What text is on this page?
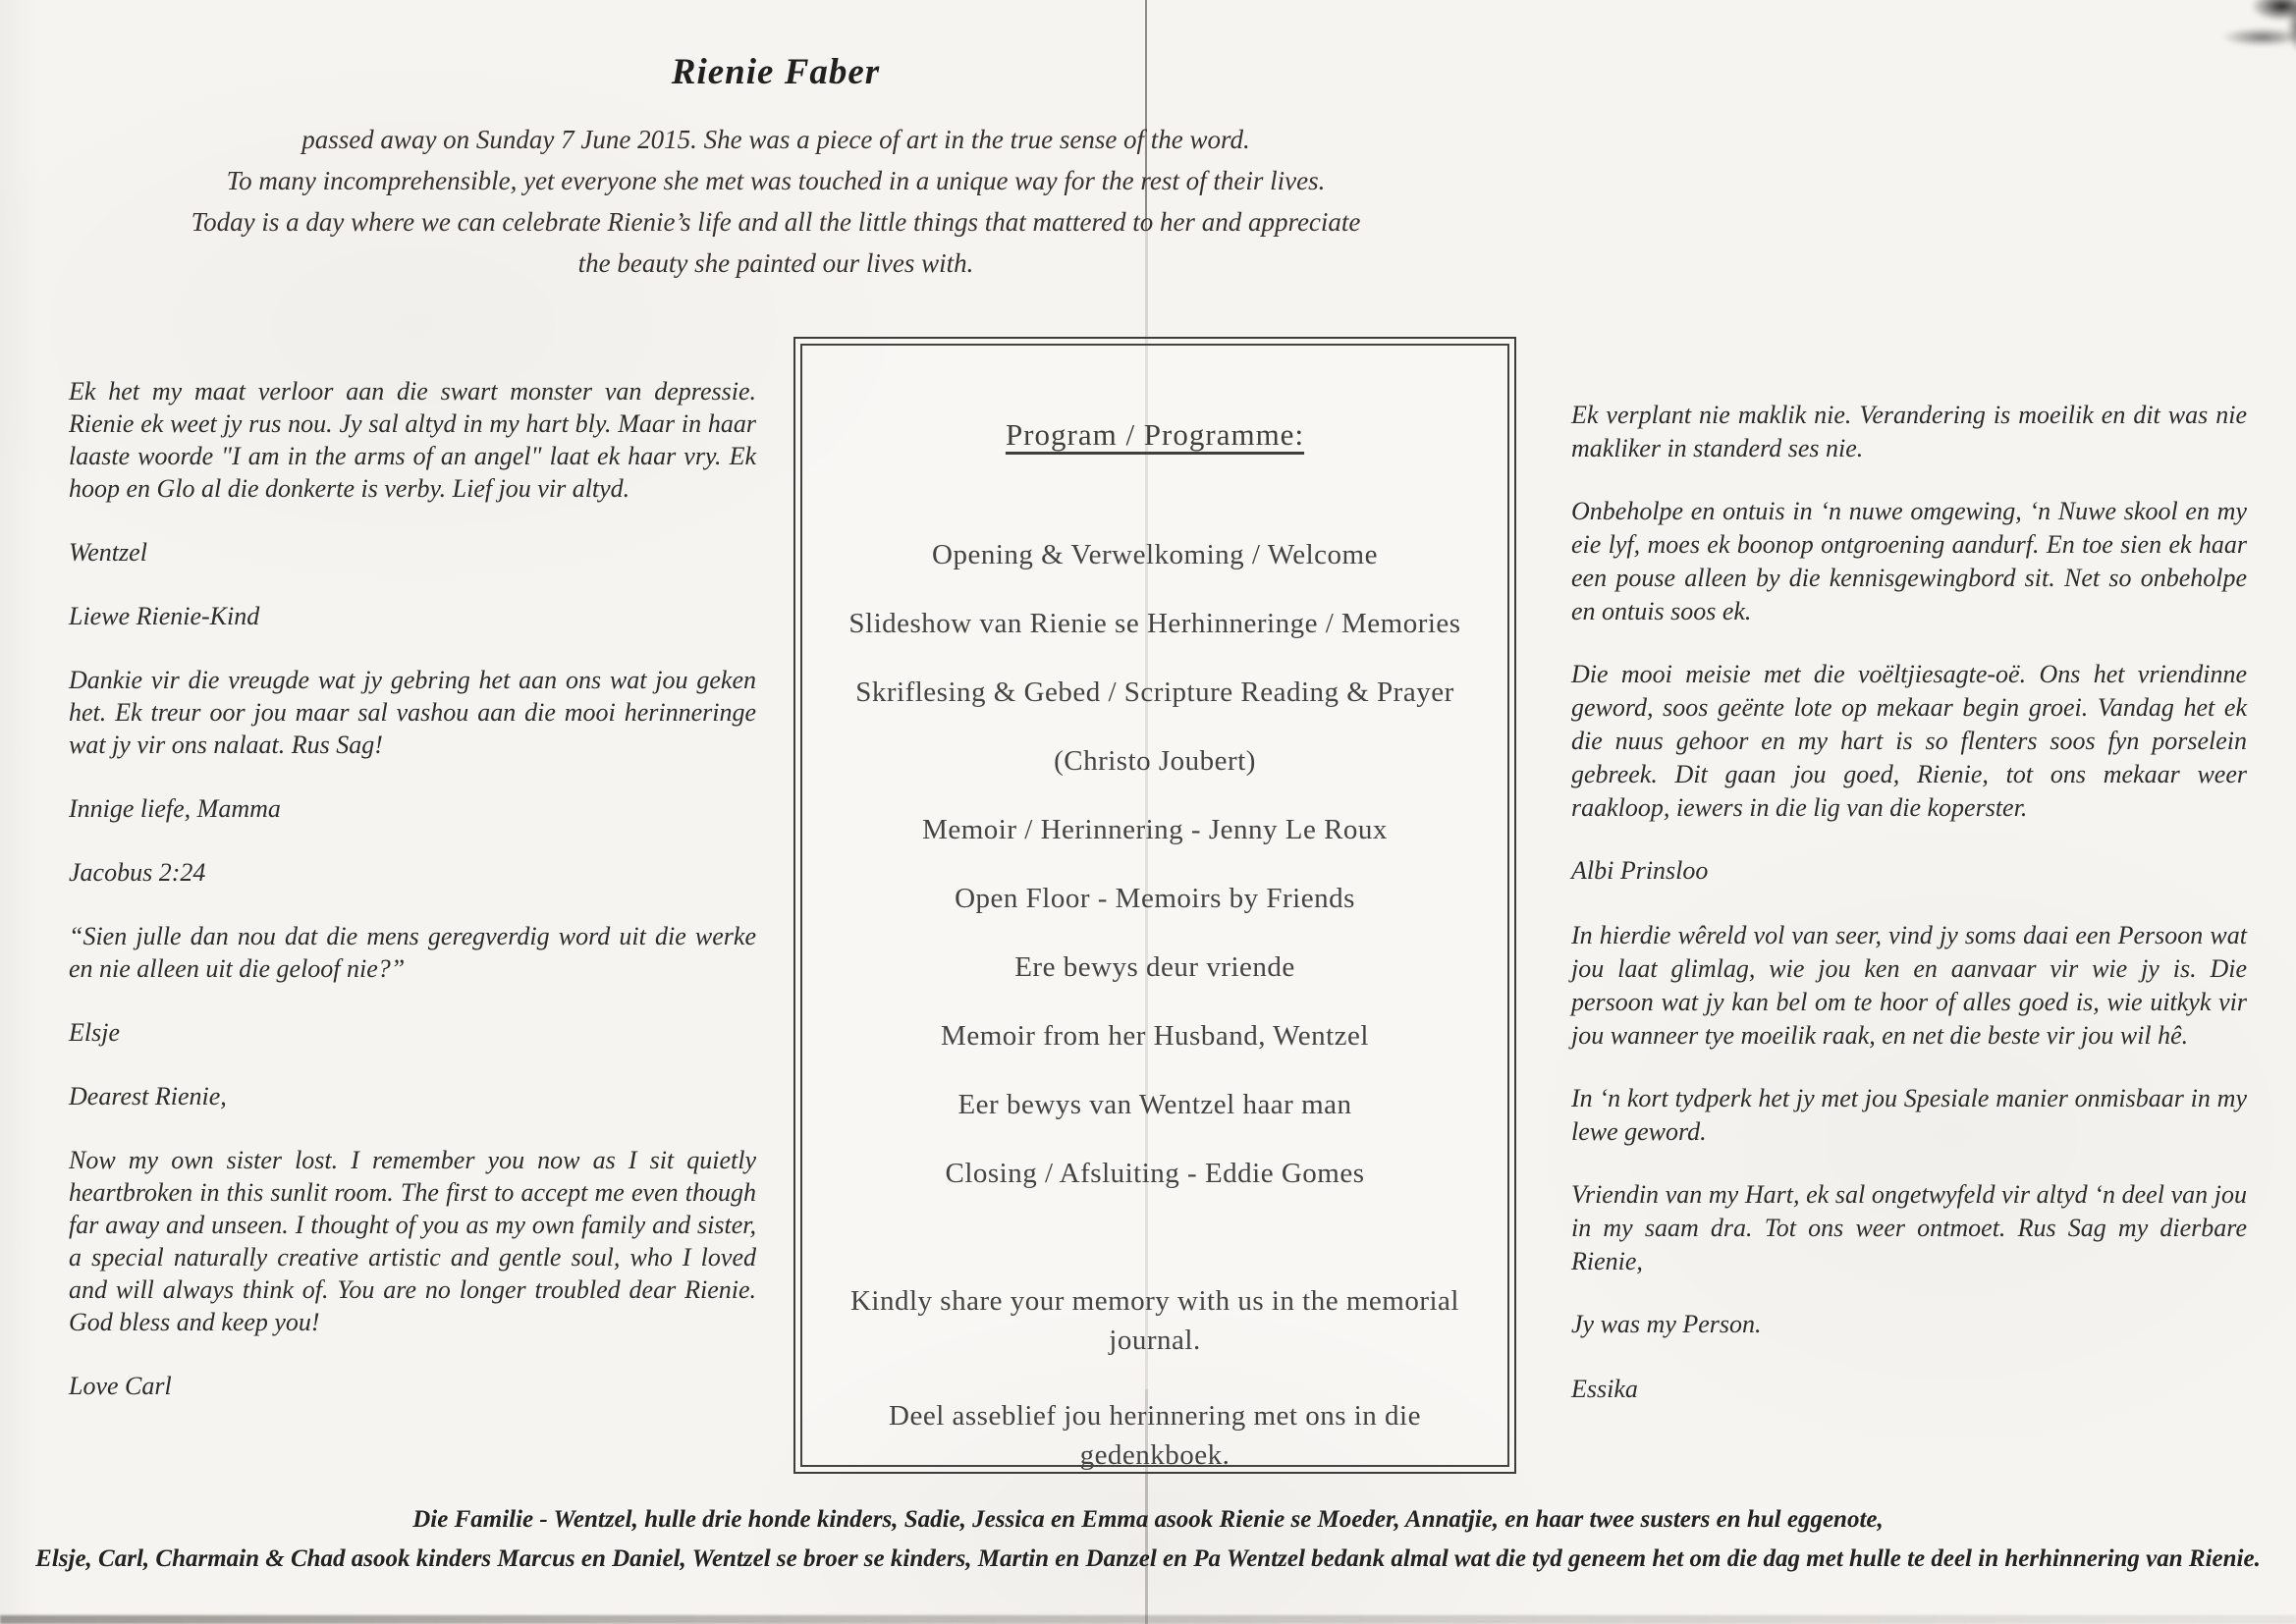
Rienie Faber
passed away on Sunday 7 June 2015. She was a piece of art in the true sense of the word.
To many incomprehensible, yet everyone she met was touched in a unique way for the rest of their lives.
Today is a day where we can celebrate Rienie’s life and all the little things that mattered to her and appreciate
the beauty she painted our lives with.

Ek het my maat verloor aan die swart monster van depressie. Rienie ek weet jy rus nou. Jy sal altyd in my hart bly. Maar in haar laaste woorde "I am in the arms of an angel" laat ek haar vry. Ek hoop en Glo al die donkerte is verby. Lief jou vir altyd.

Wentzel

Liewe Rienie-Kind

Dankie vir die vreugde wat jy gebring het aan ons wat jou geken het. Ek treur oor jou maar sal vashou aan die mooi herinneringe wat jy vir ons nalaat. Rus Sag!

Innige liefe, Mamma

Jacobus 2:24

“Sien julle dan nou dat die mens geregverdig word uit die werke en nie alleen uit die geloof nie?”

Elsje

Dearest Rienie,

Now my own sister lost. I remember you now as I sit quietly heartbroken in this sunlit room. The first to accept me even though far away and unseen. I thought of you as my own family and sister, a special naturally creative artistic and gentle soul, who I loved and will always think of. You are no longer troubled dear Rienie. God bless and keep you!

Love Carl

Program / Programme:
Opening & Verwelkoming / Welcome
Slideshow van Rienie se Herhinneringe / Memories
Skriflesing & Gebed / Scripture Reading & Prayer
(Christo Joubert)
Memoir / Herinnering - Jenny Le Roux
Open Floor - Memoirs by Friends
Ere bewys deur vriende
Memoir from her Husband, Wentzel
Eer bewys van Wentzel haar man
Closing / Afsluiting - Eddie Gomes
Kindly share your memory with us in the memorial journal.
Deel asseblief jou herinnering met ons in die gedenkboek.

Ek verplant nie maklik nie. Verandering is moeilik en dit was nie makliker in standerd ses nie.

Onbeholpe en ontuis in ‘n nuwe omgewing, ‘n Nuwe skool en my eie lyf, moes ek boonop ontgroening aandurf. En toe sien ek haar een pouse alleen by die kennisgewingbord sit. Net so onbeholpe en ontuis soos ek.

Die mooi meisie met die voëltjiesagte-oë. Ons het vriendinne geword, soos geënte lote op mekaar begin groei. Vandag het ek die nuus gehoor en my hart is so flenters soos fyn porselein gebreek. Dit gaan jou goed, Rienie, tot ons mekaar weer raakloop, iewers in die lig van die koperster.

Albi Prinsloo

In hierdie wêreld vol van seer, vind jy soms daai een Persoon wat jou laat glimlag, wie jou ken en aanvaar vir wie jy is. Die persoon wat jy kan bel om te hoor of alles goed is, wie uitkyk vir jou wanneer tye moeilik raak, en net die beste vir jou wil hê.

In ‘n kort tydperk het jy met jou Spesiale manier onmisbaar in my lewe geword.

Vriendin van my Hart, ek sal ongetwyfeld vir altyd ‘n deel van jou in my saam dra. Tot ons weer ontmoet. Rus Sag my dierbare Rienie,

Jy was my Person.

Essika

Die Familie - Wentzel, hulle drie honde kinders, Sadie, Jessica en Emma asook Rienie se Moeder, Annatjie, en haar twee susters en hul eggenote,
Elsje, Carl, Charmain & Chad asook kinders Marcus en Daniel, Wentzel se broer se kinders, Martin en Danzel en Pa Wentzel bedank almal wat die tyd geneem het om die dag met hulle te deel in herhinnering van Rienie.
